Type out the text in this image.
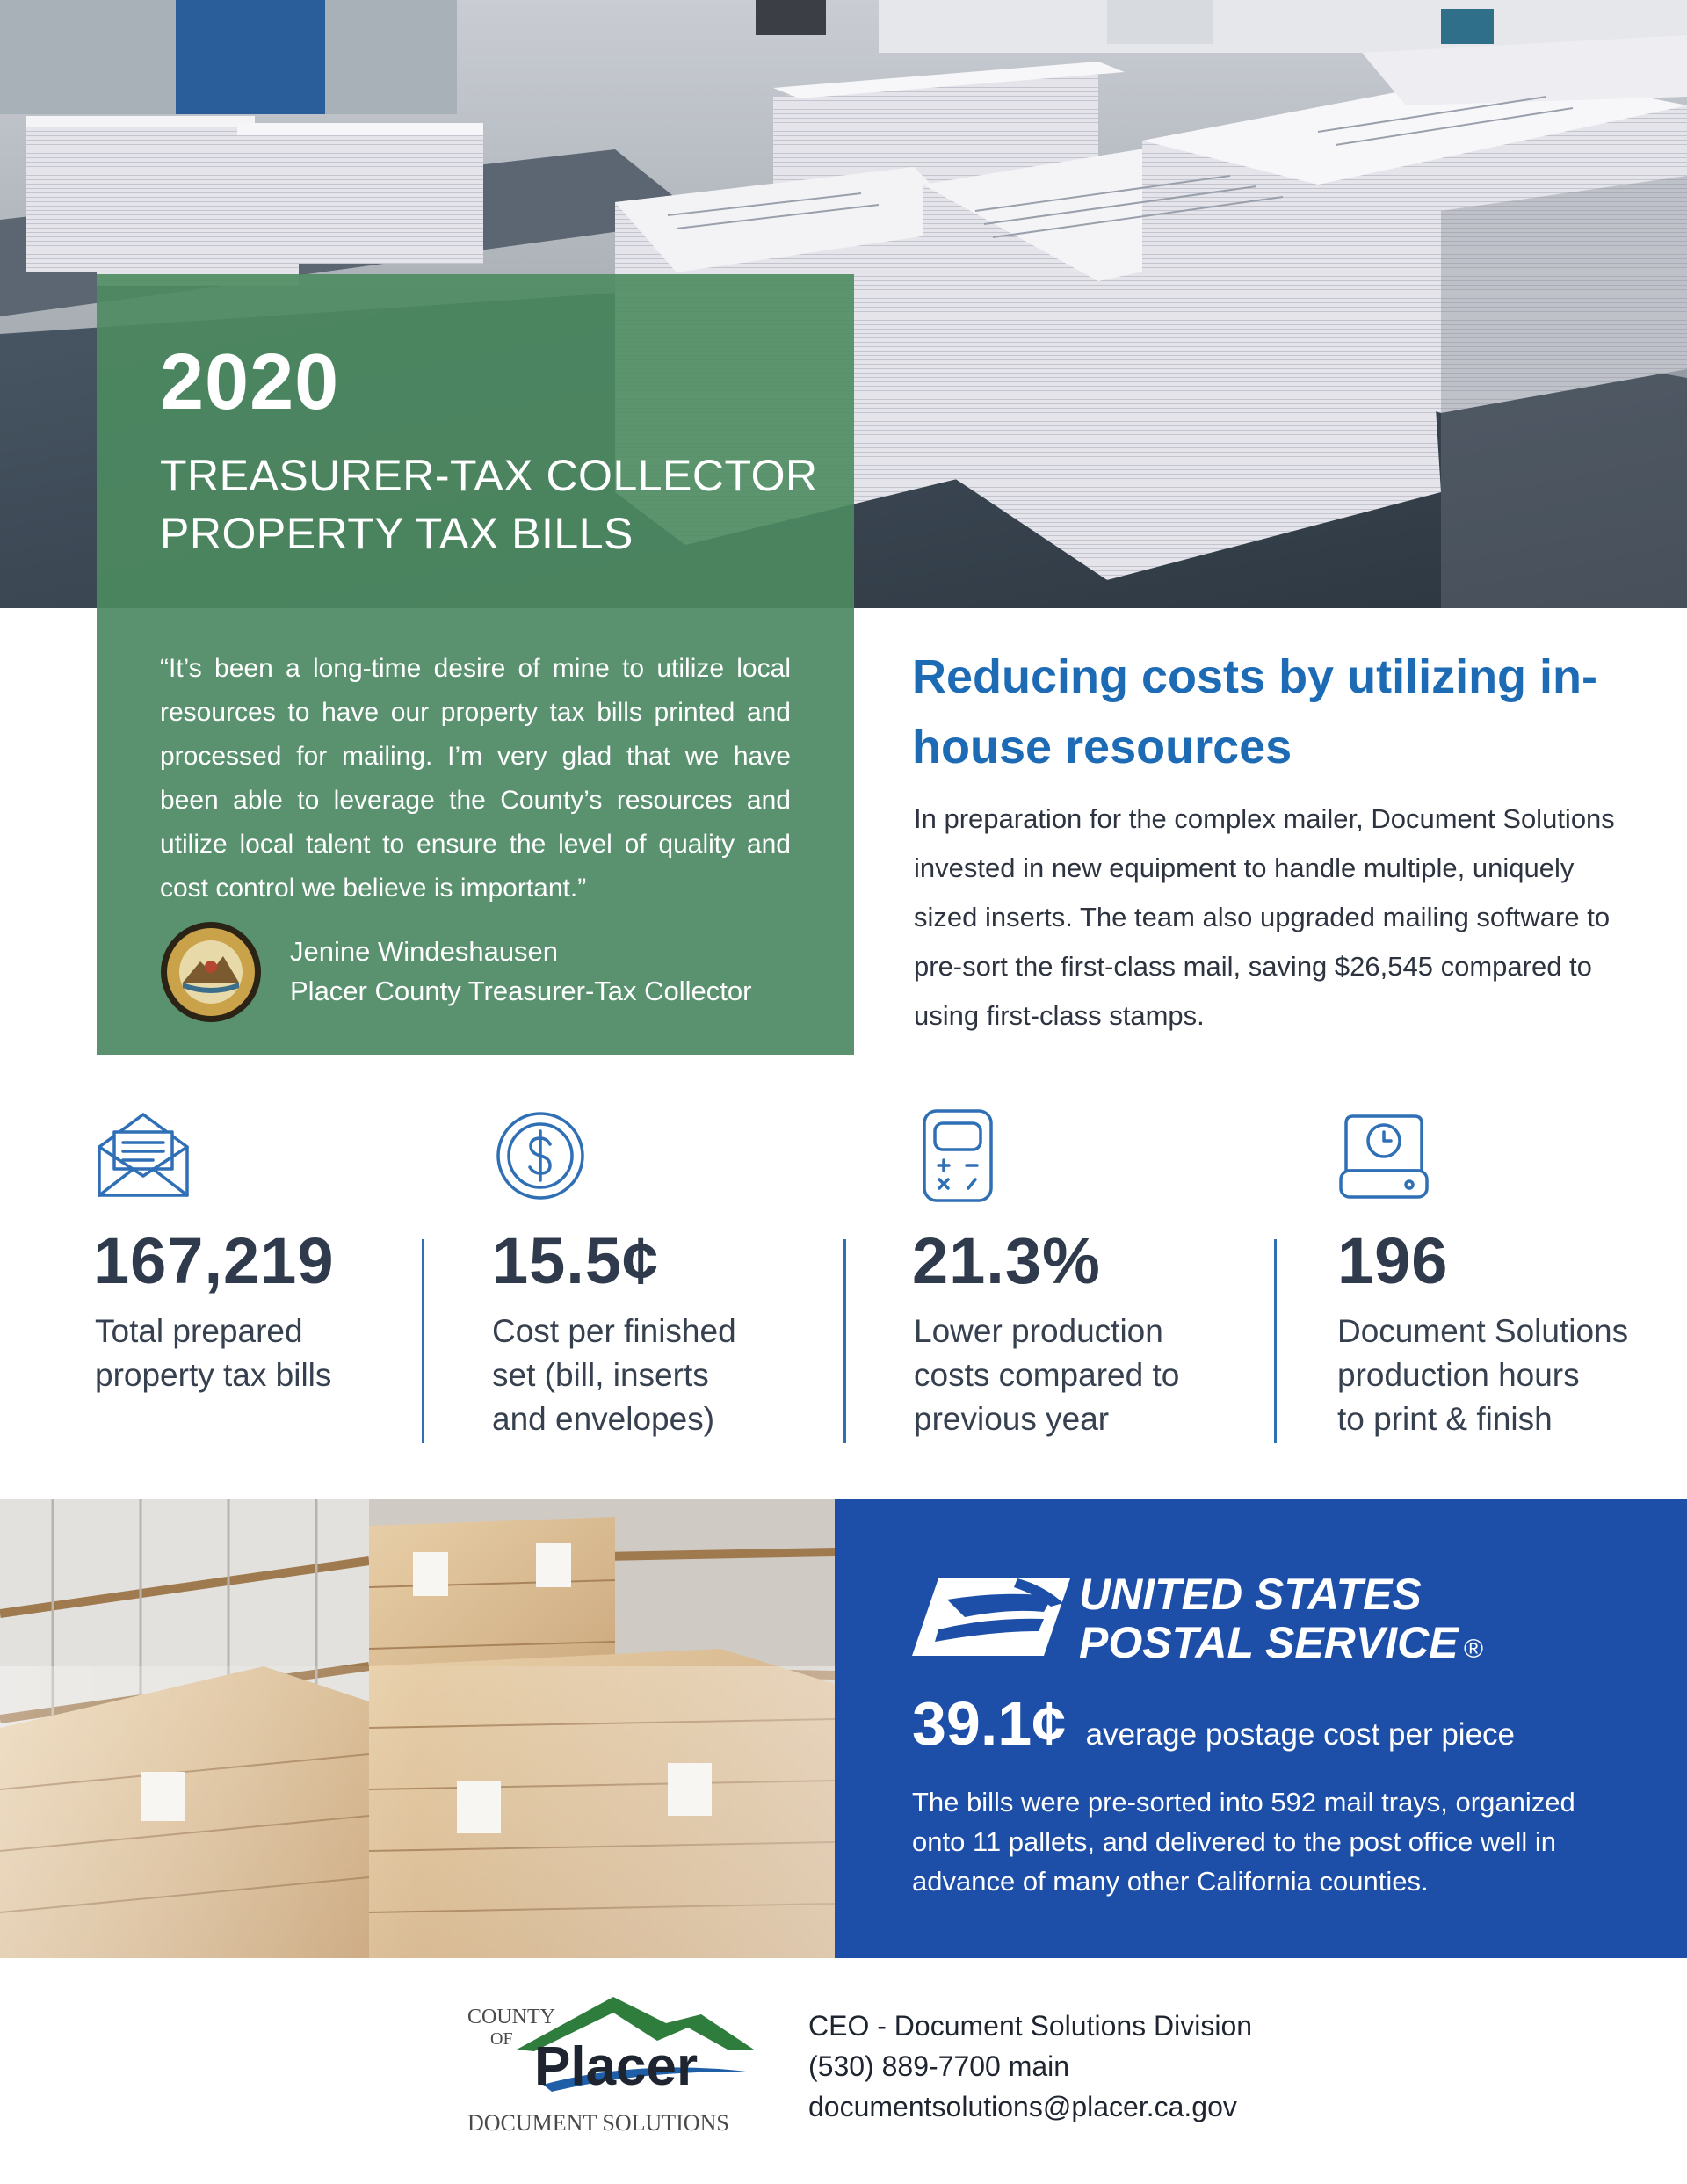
2020
TREASURER-TAX COLLECTOR
PROPERTY TAX BILLS

“It’s been a long-time desire of mine to utilize local resources to have our property tax bills printed and processed for mailing. I’m very glad that we have been able to leverage the County’s resources and utilize local talent to ensure the level of quality and cost control we believe is important.”

Jenine Windeshausen
Placer County Treasurer-Tax Collector
Reducing costs by utilizing in-house resources

In preparation for the complex mailer, Document Solutions invested in new equipment to handle multiple, uniquely sized inserts. The team also upgraded mailing software to pre-sort the first-class mail, saving $26,545 compared to using first-class stamps.

167,219
Total prepared
property tax bills
15.5¢
Cost per finished
set (bill, inserts
and envelopes)
21.3%
Lower production
costs compared to
previous year
196
Document Solutions
production hours
to print & finish
UNITED STATES
POSTAL SERVICE ®
39.1¢ average postage cost per piece

The bills were pre-sorted into 592 mail trays, organized onto 11 pallets, and delivered to the post office well in advance of many other California counties.

COUNTY
OF Placer
DOCUMENT SOLUTIONS
CEO - Document Solutions Division
(530) 889-7700 main
documentsolutions@placer.ca.gov
